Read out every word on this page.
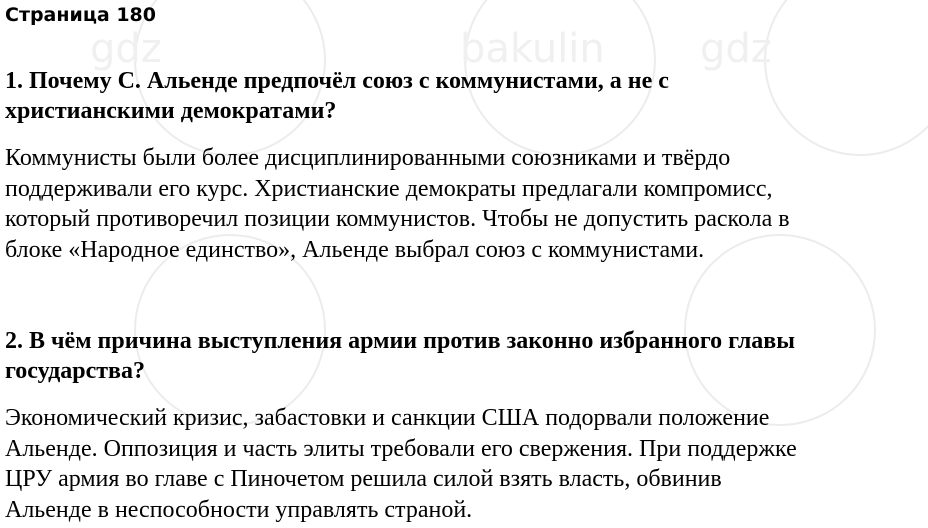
gdz	bakulin gdz
Страница 180
1. Почему С. Альенде предпочёл союз с коммунистами, а не с
христианскими демократами?
Коммунисты были более дисциплинированными союзниками и твёрдо
поддерживали его курс. Христианские демократы предлагали компромисс,
который противоречил позиции коммунистов. Чтобы не допустить раскола в
блоке «Народное единство», Альенде выбрал союз с коммунистами.
2. В чём причина выступления армии против законно избранного главы
государства?
Экономический кризис, забастовки и санкции США подорвали положение
Альенде. Оппозиция и часть элиты требовали его свержения. При поддержке
ЦРУ армия во главе с Пиночетом решила силой взять власть, обвинив
Альенде в неспособности управлять страной.
